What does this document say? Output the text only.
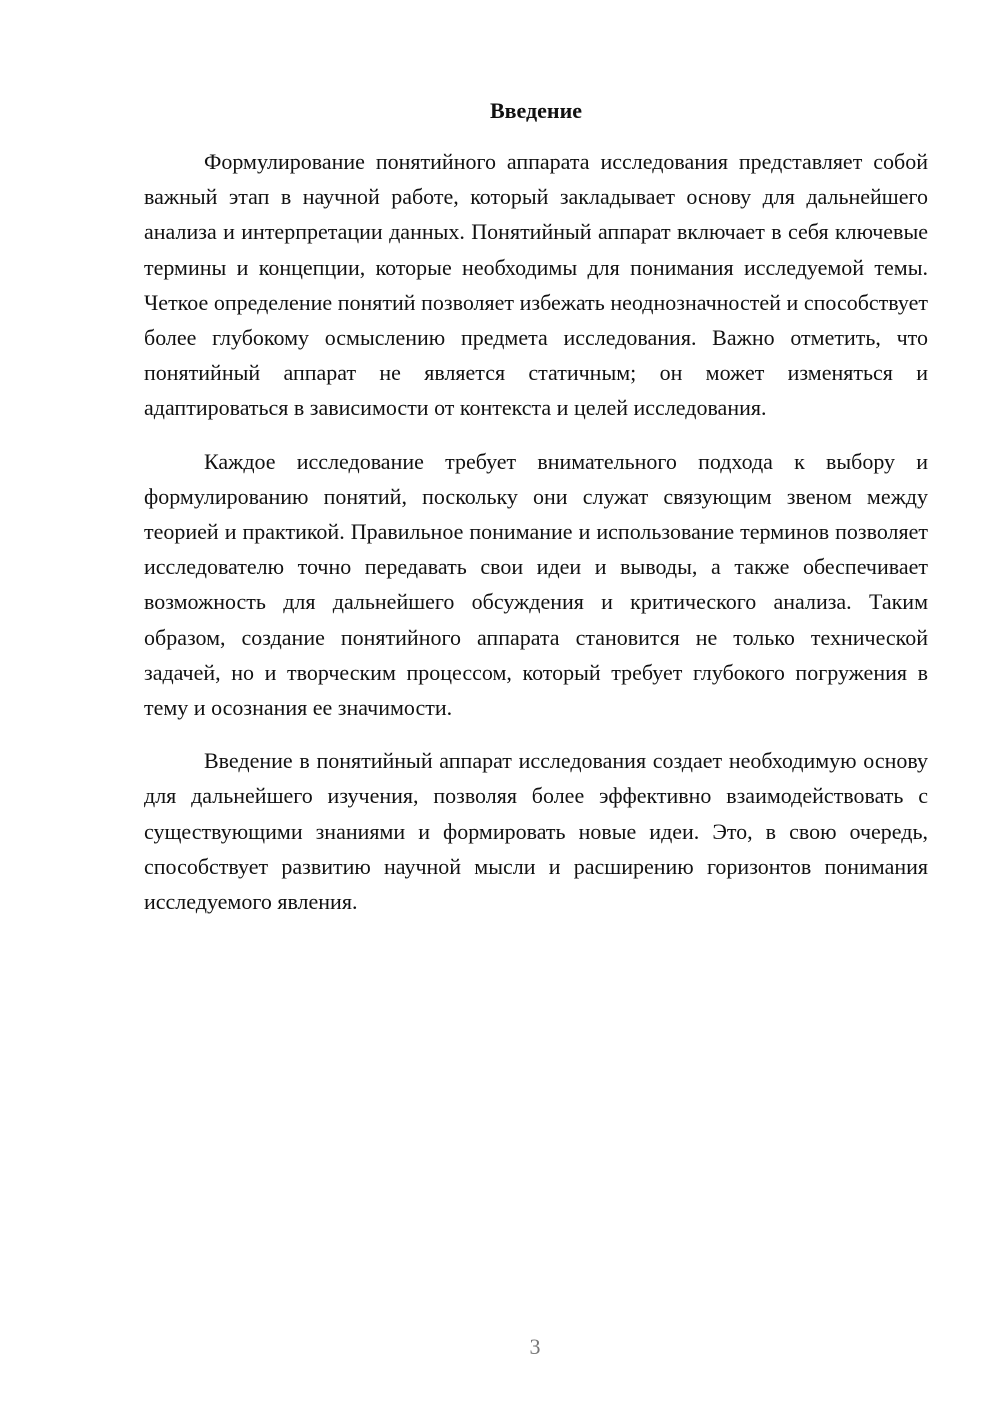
Введение

Формулирование понятийного аппарата исследования представляет собой важный этап в научной работе, который закладывает основу для дальнейшего анализа и интерпретации данных. Понятийный аппарат включает в себя ключевые термины и концепции, которые необходимы для понимания исследуемой темы. Четкое определение понятий позволяет избежать неоднозначностей и способствует более глубокому осмыслению предмета исследования. Важно отметить, что понятийный аппарат не является статичным; он может изменяться и адаптироваться в зависимости от контекста и целей исследования.

Каждое исследование требует внимательного подхода к выбору и формулированию понятий, поскольку они служат связующим звеном между теорией и практикой. Правильное понимание и использование терминов позволяет исследователю точно передавать свои идеи и выводы, а также обеспечивает возможность для дальнейшего обсуждения и критического анализа. Таким образом, создание понятийного аппарата становится не только технической задачей, но и творческим процессом, который требует глубокого погружения в тему и осознания ее значимости.

Введение в понятийный аппарат исследования создает необходимую основу для дальнейшего изучения, позволяя более эффективно взаимодействовать с существующими знаниями и формировать новые идеи. Это, в свою очередь, способствует развитию научной мысли и расширению горизонтов понимания исследуемого явления.

3
